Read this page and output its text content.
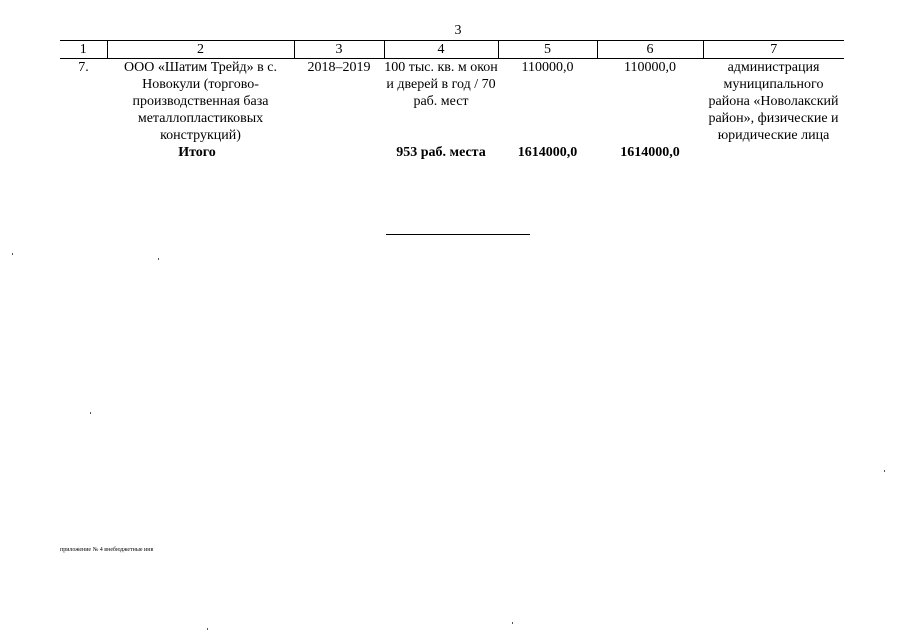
3
1	2	3	4	5	6	7
7.	ООО «Шатим Трейд» в с. Новокули (торгово-производственная база металлопластиковых конструкций)	2018–2019	100 тыс. кв. м окон и дверей в год / 70 раб. мест	110000,0	110000,0	администрация муниципального района «Новолакский район», физические и юридические лица
Итого			953 раб. места	1614000,0	1614000,0	
приложение № 4 внебюджетные инв
